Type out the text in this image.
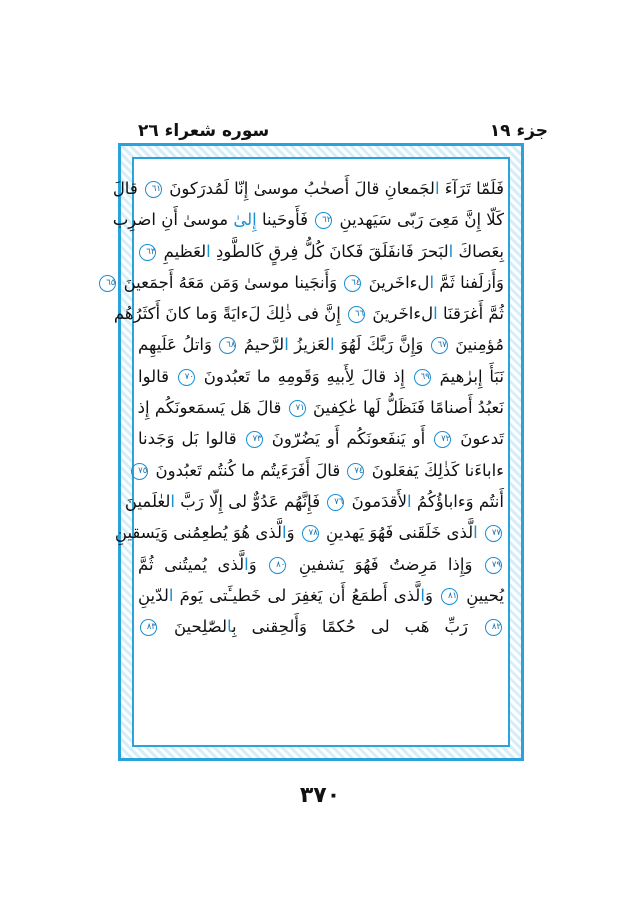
جزء ١٩
سوره شعراء ٢٦
فَلَمّا تَرَآءَ الجَمعانِ قالَ أَصحٰبُ موسىٰ إِنّا لَمُدرَكونَ ٦١ قالَ
كَلّا إِنَّ مَعِىَ رَبّى سَيَهدينِ ٦٢ فَأَوحَينا إِلىٰ موسىٰ أَنِ اضرِب
بِعَصاكَ البَحرَ فَانفَلَقَ فَكانَ كُلُّ فِرقٍ كَالطَّودِ العَظيمِ ٦٣
وَأَزلَفنا ثَمَّ الءاخَرينَ ٦٤ وَأَنجَينا موسىٰ وَمَن مَعَهُ أَجمَعينَ ٦٥
ثُمَّ أَغرَقنَا الءاخَرينَ ٦٦ إِنَّ فى ذٰلِكَ لَءايَةً وَما كانَ أَكثَرُهُم
مُؤمِنينَ ٦٧ وَإِنَّ رَبَّكَ لَهُوَ العَزيزُ الرَّحيمُ ٦٨ وَاتلُ عَلَيهِم
نَبَأَ إِبرٰهيمَ ٦٩ إِذ قالَ لِأَبيهِ وَقَومِهِ ما تَعبُدونَ ٧٠ قالوا
نَعبُدُ أَصنامًا فَنَظَلُّ لَها عٰكِفينَ ٧١ قالَ هَل يَسمَعونَكُم إِذ
تَدعونَ ٧٢ أَو يَنفَعونَكُم أَو يَضُرّونَ ٧٣ قالوا بَل وَجَدنا
ءاباءَنا كَذٰلِكَ يَفعَلونَ ٧٤ قالَ أَفَرَءَيتُم ما كُنتُم تَعبُدونَ ٧٥
أَنتُم وَءاباؤُكُمُ الأَقدَمونَ ٧٦ فَإِنَّهُم عَدُوٌّ لى إِلّا رَبَّ العٰلَمينَ
٧٧ الَّذى خَلَقَنى فَهُوَ يَهدينِ ٧٨ وَالَّذى هُوَ يُطعِمُنى وَيَسقينِ
٧٩ وَإِذا مَرِضتُ فَهُوَ يَشفينِ ٨٠ وَالَّذى يُميتُنى ثُمَّ
يُحيينِ ٨١ وَالَّذى أَطمَعُ أَن يَغفِرَ لى خَطيـَٔتى يَومَ الدّينِ
٨٢ رَبِّ هَب لى حُكمًا وَأَلحِقنى بِالصّٰلِحينَ ٨٣
٣٧٠
